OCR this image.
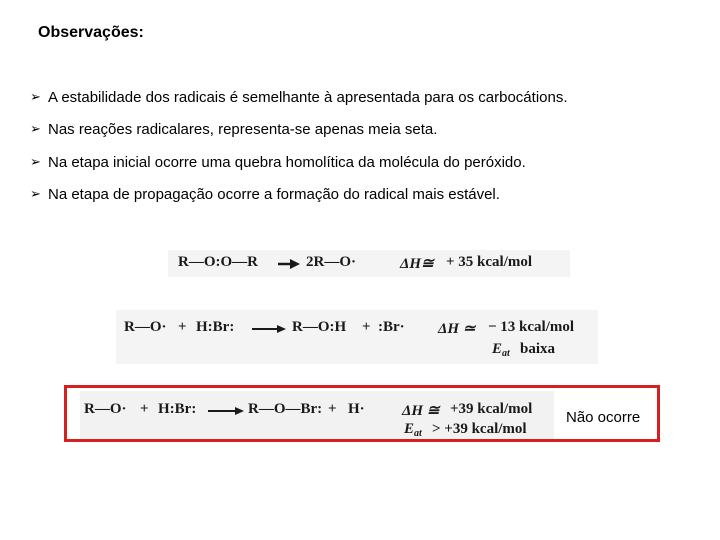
Observações:
➢ A estabilidade dos radicais é semelhante à apresentada para os carbocátions.
➢ Nas reações radicalares, representa-se apenas meia seta.
➢ Na etapa inicial ocorre uma quebra homolítica da molécula do peróxido.
➢ Na etapa de propagação ocorre a formação do radical mais estável.
R—O:O—R → 2R—O·	ΔH≅ + 35 kcal/mol
R—O· + H:Br: → R—O:H + :Br· ΔH ≃ − 13 kcal/mol
$E_{at}$ baixa
R—O· + H:Br: → R—O—Br: + H· ΔH ≅ +39 kcal/mol
$E_{at} > +39$ kcal/mol
Não ocorre
